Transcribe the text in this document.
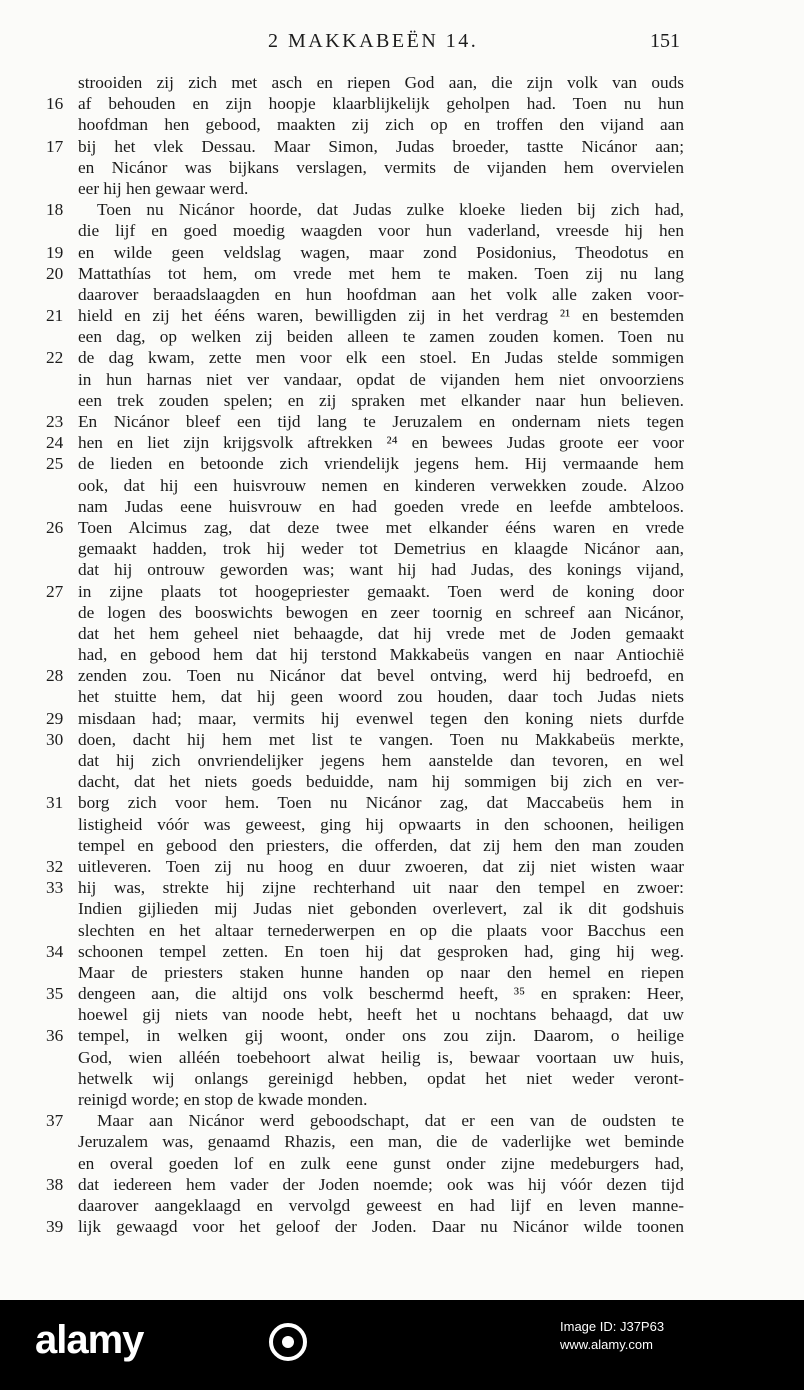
2 MAKKABEËN 14.	151
strooiden zij zich met asch en riepen God aan, die zijn volk van ouds
16 af behouden en zijn hoopje klaarblijkelijk geholpen had. Toen nu hun
hoofdman hen gebood, maakten zij zich op en troffen den vijand aan
17 bij het vlek Dessau. Maar Simon, Judas broeder, tastte Nicánor aan;
en Nicánor was bijkans verslagen, vermits de vijanden hem overvielen
eer hij hen gewaar werd.
18	Toen nu Nicánor hoorde, dat Judas zulke kloeke lieden bij zich had,
die lijf en goed moedig waagden voor hun vaderland, vreesde hij hen
19 en wilde geen veldslag wagen, maar zond Posidonius, Theodotus en
20 Mattathías tot hem, om vrede met hem te maken. Toen zij nu lang
daarover beraadslaagden en hun hoofdman aan het volk alle zaken voor-
21 hield en zij het ééns waren, bewilligden zij in het verdrag ²¹ en bestemden
een dag, op welken zij beiden alleen te zamen zouden komen. Toen nu
22 de dag kwam, zette men voor elk een stoel. En Judas stelde sommigen
in hun harnas niet ver vandaar, opdat de vijanden hem niet onvoorziens
een trek zouden spelen; en zij spraken met elkander naar hun believen.
23 En Nicánor bleef een tijd lang te Jeruzalem en ondernam niets tegen
24 hen en liet zijn krijgsvolk aftrekken ²⁴ en bewees Judas groote eer voor
25 de lieden en betoonde zich vriendelijk jegens hem. Hij vermaande hem
ook, dat hij een huisvrouw nemen en kinderen verwekken zoude. Alzoo
nam Judas eene huisvrouw en had goeden vrede en leefde ambteloos.
26 Toen Alcimus zag, dat deze twee met elkander ééns waren en vrede
gemaakt hadden, trok hij weder tot Demetrius en klaagde Nicánor aan,
dat hij ontrouw geworden was; want hij had Judas, des konings vijand,
27 in zijne plaats tot hoogepriester gemaakt. Toen werd de koning door
de logen des booswichts bewogen en zeer toornig en schreef aan Nicánor,
dat het hem geheel niet behaagde, dat hij vrede met de Joden gemaakt
had, en gebood hem dat hij terstond Makkabeüs vangen en naar Antiochië
28 zenden zou. Toen nu Nicánor dat bevel ontving, werd hij bedroefd, en
het stuitte hem, dat hij geen woord zou houden, daar toch Judas niets
29 misdaan had; maar, vermits hij evenwel tegen den koning niets durfde
30 doen, dacht hij hem met list te vangen. Toen nu Makkabeüs merkte,
dat hij zich onvriendelijker jegens hem aanstelde dan tevoren, en wel
dacht, dat het niets goeds beduidde, nam hij sommigen bij zich en ver-
31 borg zich voor hem. Toen nu Nicánor zag, dat Maccabeüs hem in
listigheid vóór was geweest, ging hij opwaarts in den schoonen, heiligen
tempel en gebood den priesters, die offerden, dat zij hem den man zouden
32 uitleveren. Toen zij nu hoog en duur zwoeren, dat zij niet wisten waar
33 hij was, strekte hij zijne rechterhand uit naar den tempel en zwoer:
Indien gijlieden mij Judas niet gebonden overlevert, zal ik dit godshuis
slechten en het altaar ternederwerpen en op die plaats voor Bacchus een
34 schoonen tempel zetten. En toen hij dat gesproken had, ging hij weg.
Maar de priesters staken hunne handen op naar den hemel en riepen
35 dengeen aan, die altijd ons volk beschermd heeft, ³⁵ en spraken: Heer,
hoewel gij niets van noode hebt, heeft het u nochtans behaagd, dat uw
36 tempel, in welken gij woont, onder ons zou zijn. Daarom, o heilige
God, wien alléén toebehoort alwat heilig is, bewaar voortaan uw huis,
hetwelk wij onlangs gereinigd hebben, opdat het niet weder veront-
reinigd worde; en stop de kwade monden.
37	Maar aan Nicánor werd geboodschapt, dat er een van de oudsten te
Jeruzalem was, genaamd Rhazis, een man, die de vaderlijke wet beminde
en overal goeden lof en zulk eene gunst onder zijne medeburgers had,
38 dat iedereen hem vader der Joden noemde; ook was hij vóór dezen tijd
daarover aangeklaagd en vervolgd geweest en had lijf en leven manne-
39 lijk gewaagd voor het geloof der Joden. Daar nu Nicánor wilde toonen
alamy	Image ID: J37P63
www.alamy.com
